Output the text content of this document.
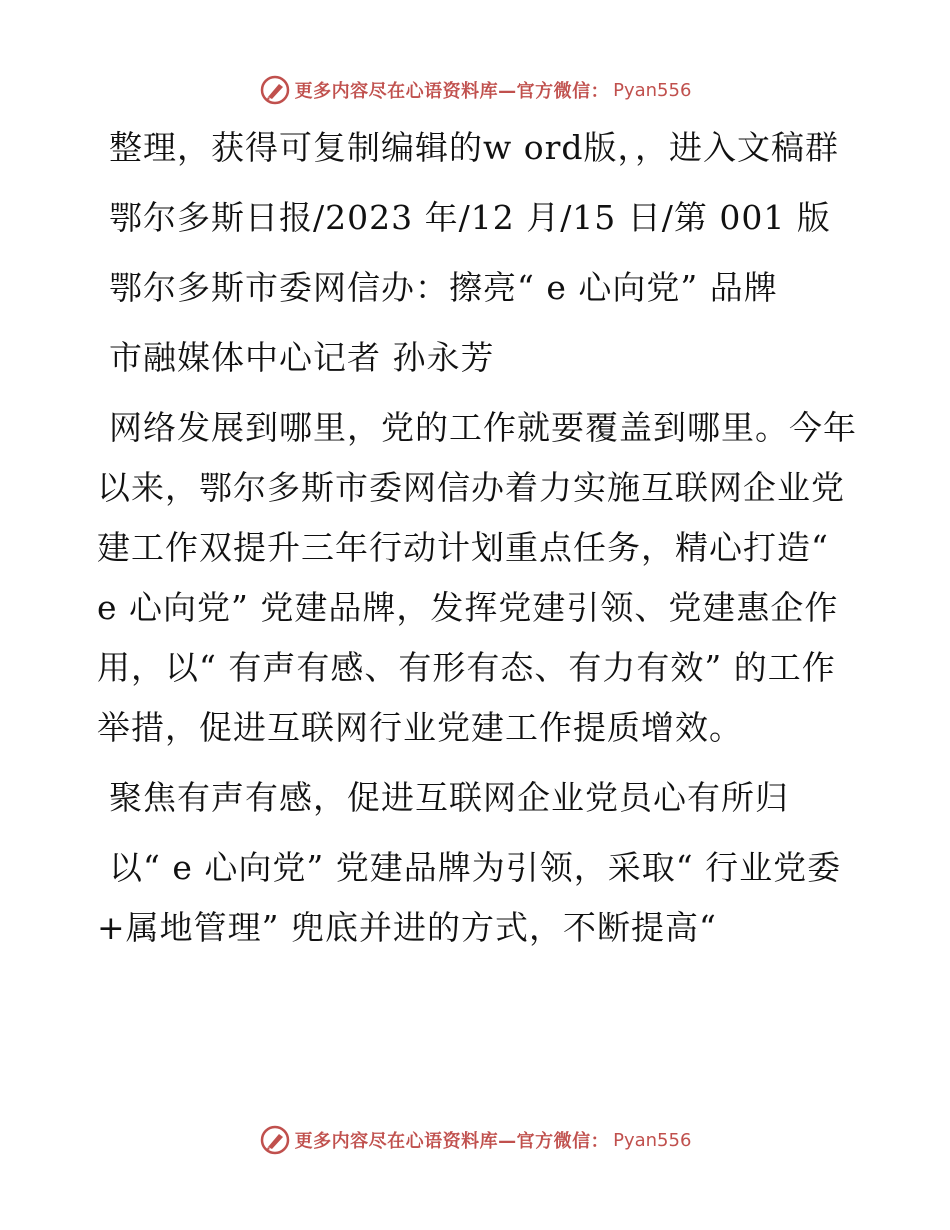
更多内容尽在心语资料库—官方微信： Pyan556

整理，获得可复制编辑的w ord版，，进入文稿群

鄂尔多斯日报/2023 年/12 月/15 日/第 001 版

鄂尔多斯市委网信办：擦亮“ e 心向党” 品牌

市融媒体中心记者 孙永芳

网络发展到哪里，党的工作就要覆盖到哪里。今年以来，鄂尔多斯市委网信办着力实施互联网企业党建工作双提升三年行动计划重点任务，精心打造“ e 心向党” 党建品牌，发挥党建引领、党建惠企作用，以“ 有声有感、有形有态、有力有效” 的工作举措，促进互联网行业党建工作提质增效。

聚焦有声有感，促进互联网企业党员心有所归

以“ e 心向党” 党建品牌为引领，采取“ 行业党委+属地管理” 兜底并进的方式，不断提高“

更多内容尽在心语资料库—官方微信： Pyan556
